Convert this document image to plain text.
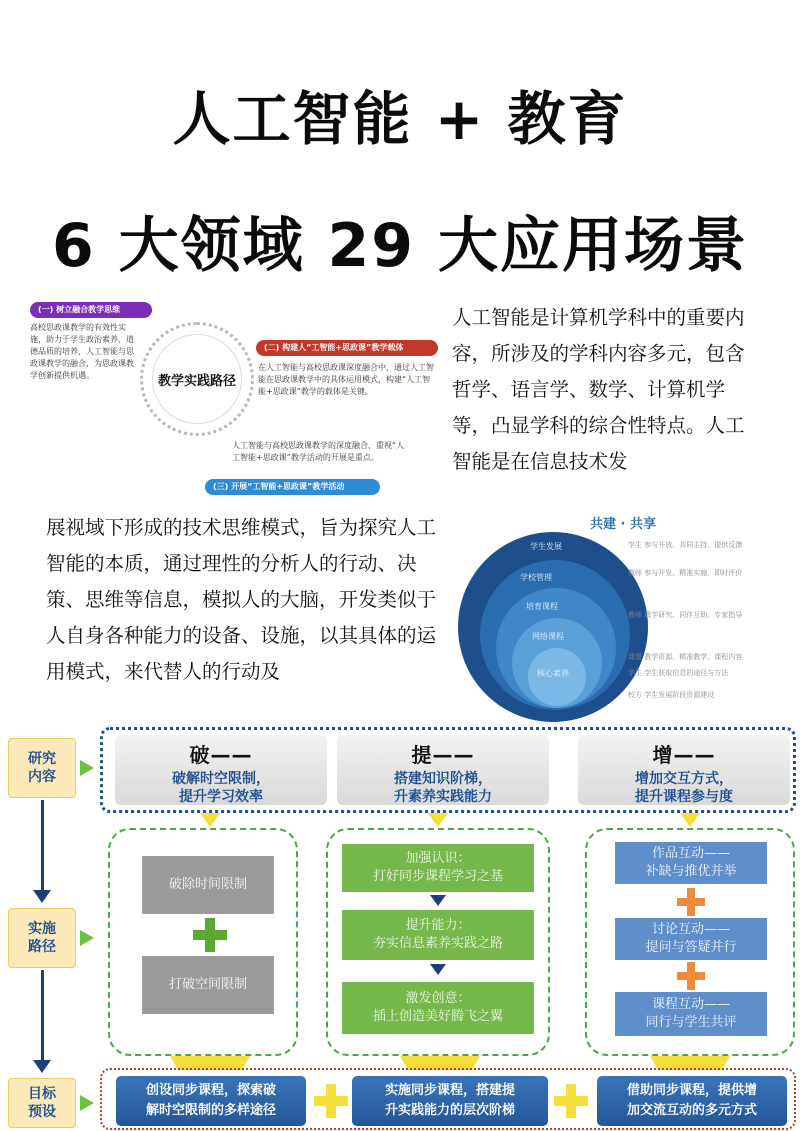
人工智能 + 教育
6 大领域 29 大应用场景
(一) 树立融合教学思维
高校思政课教学的有效性实施，助力于学生政治素养、道德品质的培养，人工智能与思政课教学的融合，为思政课教学创新提供机遇。	教学实践路径
(二) 构建人“工智能+思政课”教学载体
在人工智能与高校思政课深度融合中，通过人工智能在思政课教学中的具体运用模式，构建“人工智能+思政课”教学的载体是关键。
人工智能与高校思政课教学的深度融合，重视“人工智能+思政课”教学活动的开展是重点。
(三) 开展“工智能+思政课”教学活动
人工智能是计算机学科中的重要内容，所涉及的学科内容多元，包含哲学、语言学、数学、计算机学等，凸显学科的综合性特点。人工智能是在信息技术发
展视域下形成的技术思维模式，旨为探究人工智能的本质，通过理性的分析人的行动、决策、思维等信息，模拟人的大脑，开发类似于人自身各种能力的设备、设施，以其具体的运用模式，来代替人的行动及
共建 · 共享
学生发展
学校管理
培育课程
网络课程
核心素养
学生 参与开放、共同主持、提供反馈
教师 参与开发、精准实施、即时评价
教师 教学研究、同伴互助、专家指导
课堂 教学资源、精准教学、课程内容
学生 学生获取信息的途径与方法
校方 学生发展阶段资源建设
研究
内容
实施
路径
目标
预设
破——
破解时空限制，
提升学习效率
提——
搭建知识阶梯，
升素养实践能力
增——
增加交互方式，
提升课程参与度
破除时间限制
打破空间限制
加强认识：
打好同步课程学习之基
提升能力：
夯实信息素养实践之路
激发创意：
插上创造美好腾飞之翼
作品互动——
补缺与推优并举
讨论互动——
提问与答疑并行
课程互动——
同行与学生共评
创设同步课程，探索破
解时空限制的多样途径
实施同步课程，搭建提
升实践能力的层次阶梯
借助同步课程，提供增
加交流互动的多元方式
